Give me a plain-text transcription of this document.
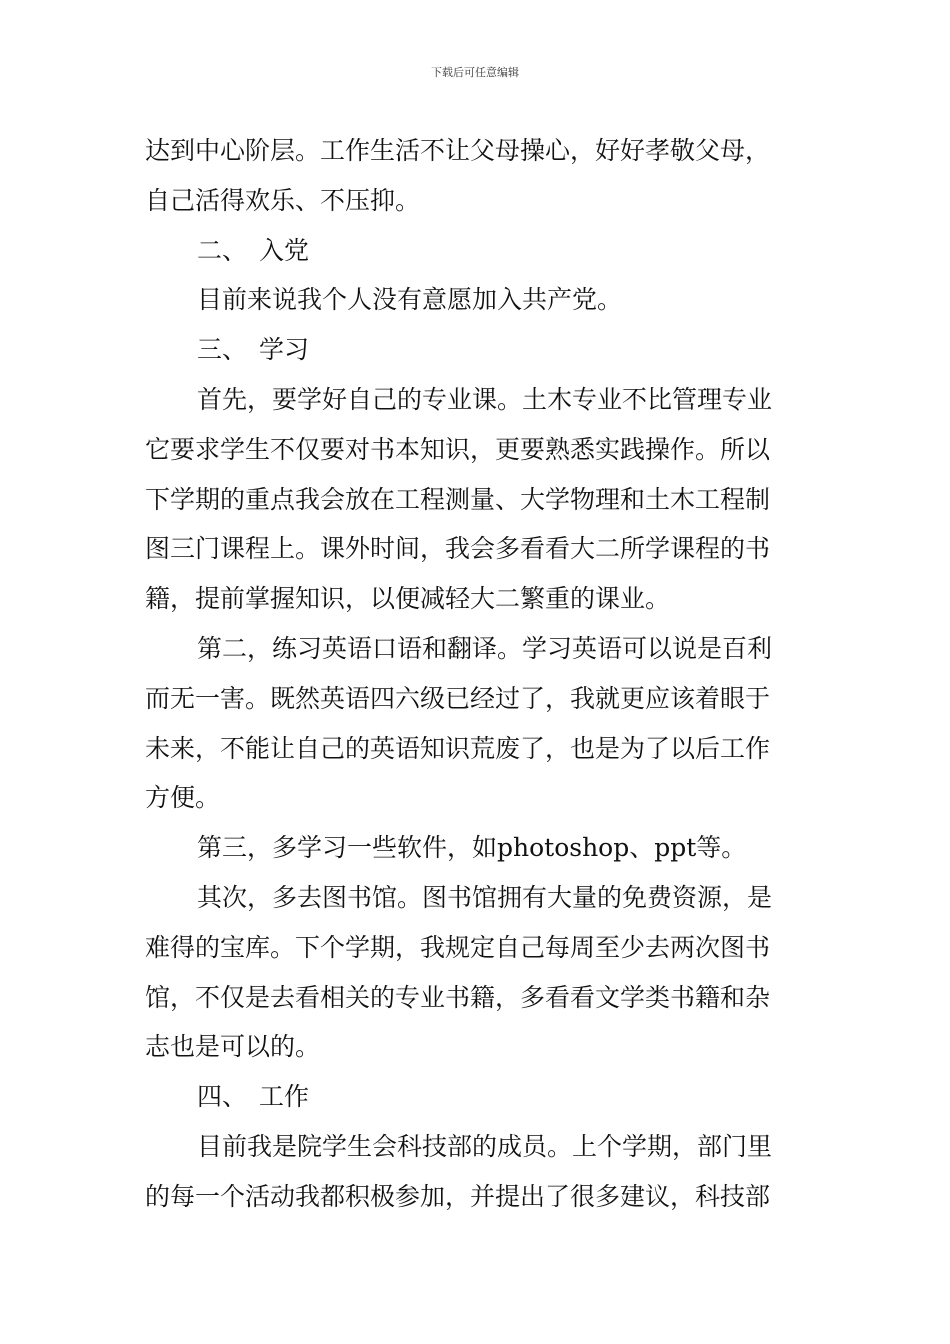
下载后可任意编辑
达到中心阶层。工作生活不让父母操心，好好孝敬父母，
自己活得欢乐、不压抑。
二、 入党
目前来说我个人没有意愿加入共产党。
三、 学习
首先，要学好自己的专业课。土木专业不比管理专业
它要求学生不仅要对书本知识，更要熟悉实践操作。所以
下学期的重点我会放在工程测量、大学物理和土木工程制
图三门课程上。课外时间，我会多看看大二所学课程的书
籍，提前掌握知识，以便减轻大二繁重的课业。
第二，练习英语口语和翻译。学习英语可以说是百利
而无一害。既然英语四六级已经过了，我就更应该着眼于
未来，不能让自己的英语知识荒废了，也是为了以后工作
方便。
第三，多学习一些软件，如photoshop、ppt等。
其次，多去图书馆。图书馆拥有大量的免费资源，是
难得的宝库。下个学期，我规定自己每周至少去两次图书
馆，不仅是去看相关的专业书籍，多看看文学类书籍和杂
志也是可以的。
四、 工作
目前我是院学生会科技部的成员。上个学期，部门里
的每一个活动我都积极参加，并提出了很多建议，科技部
